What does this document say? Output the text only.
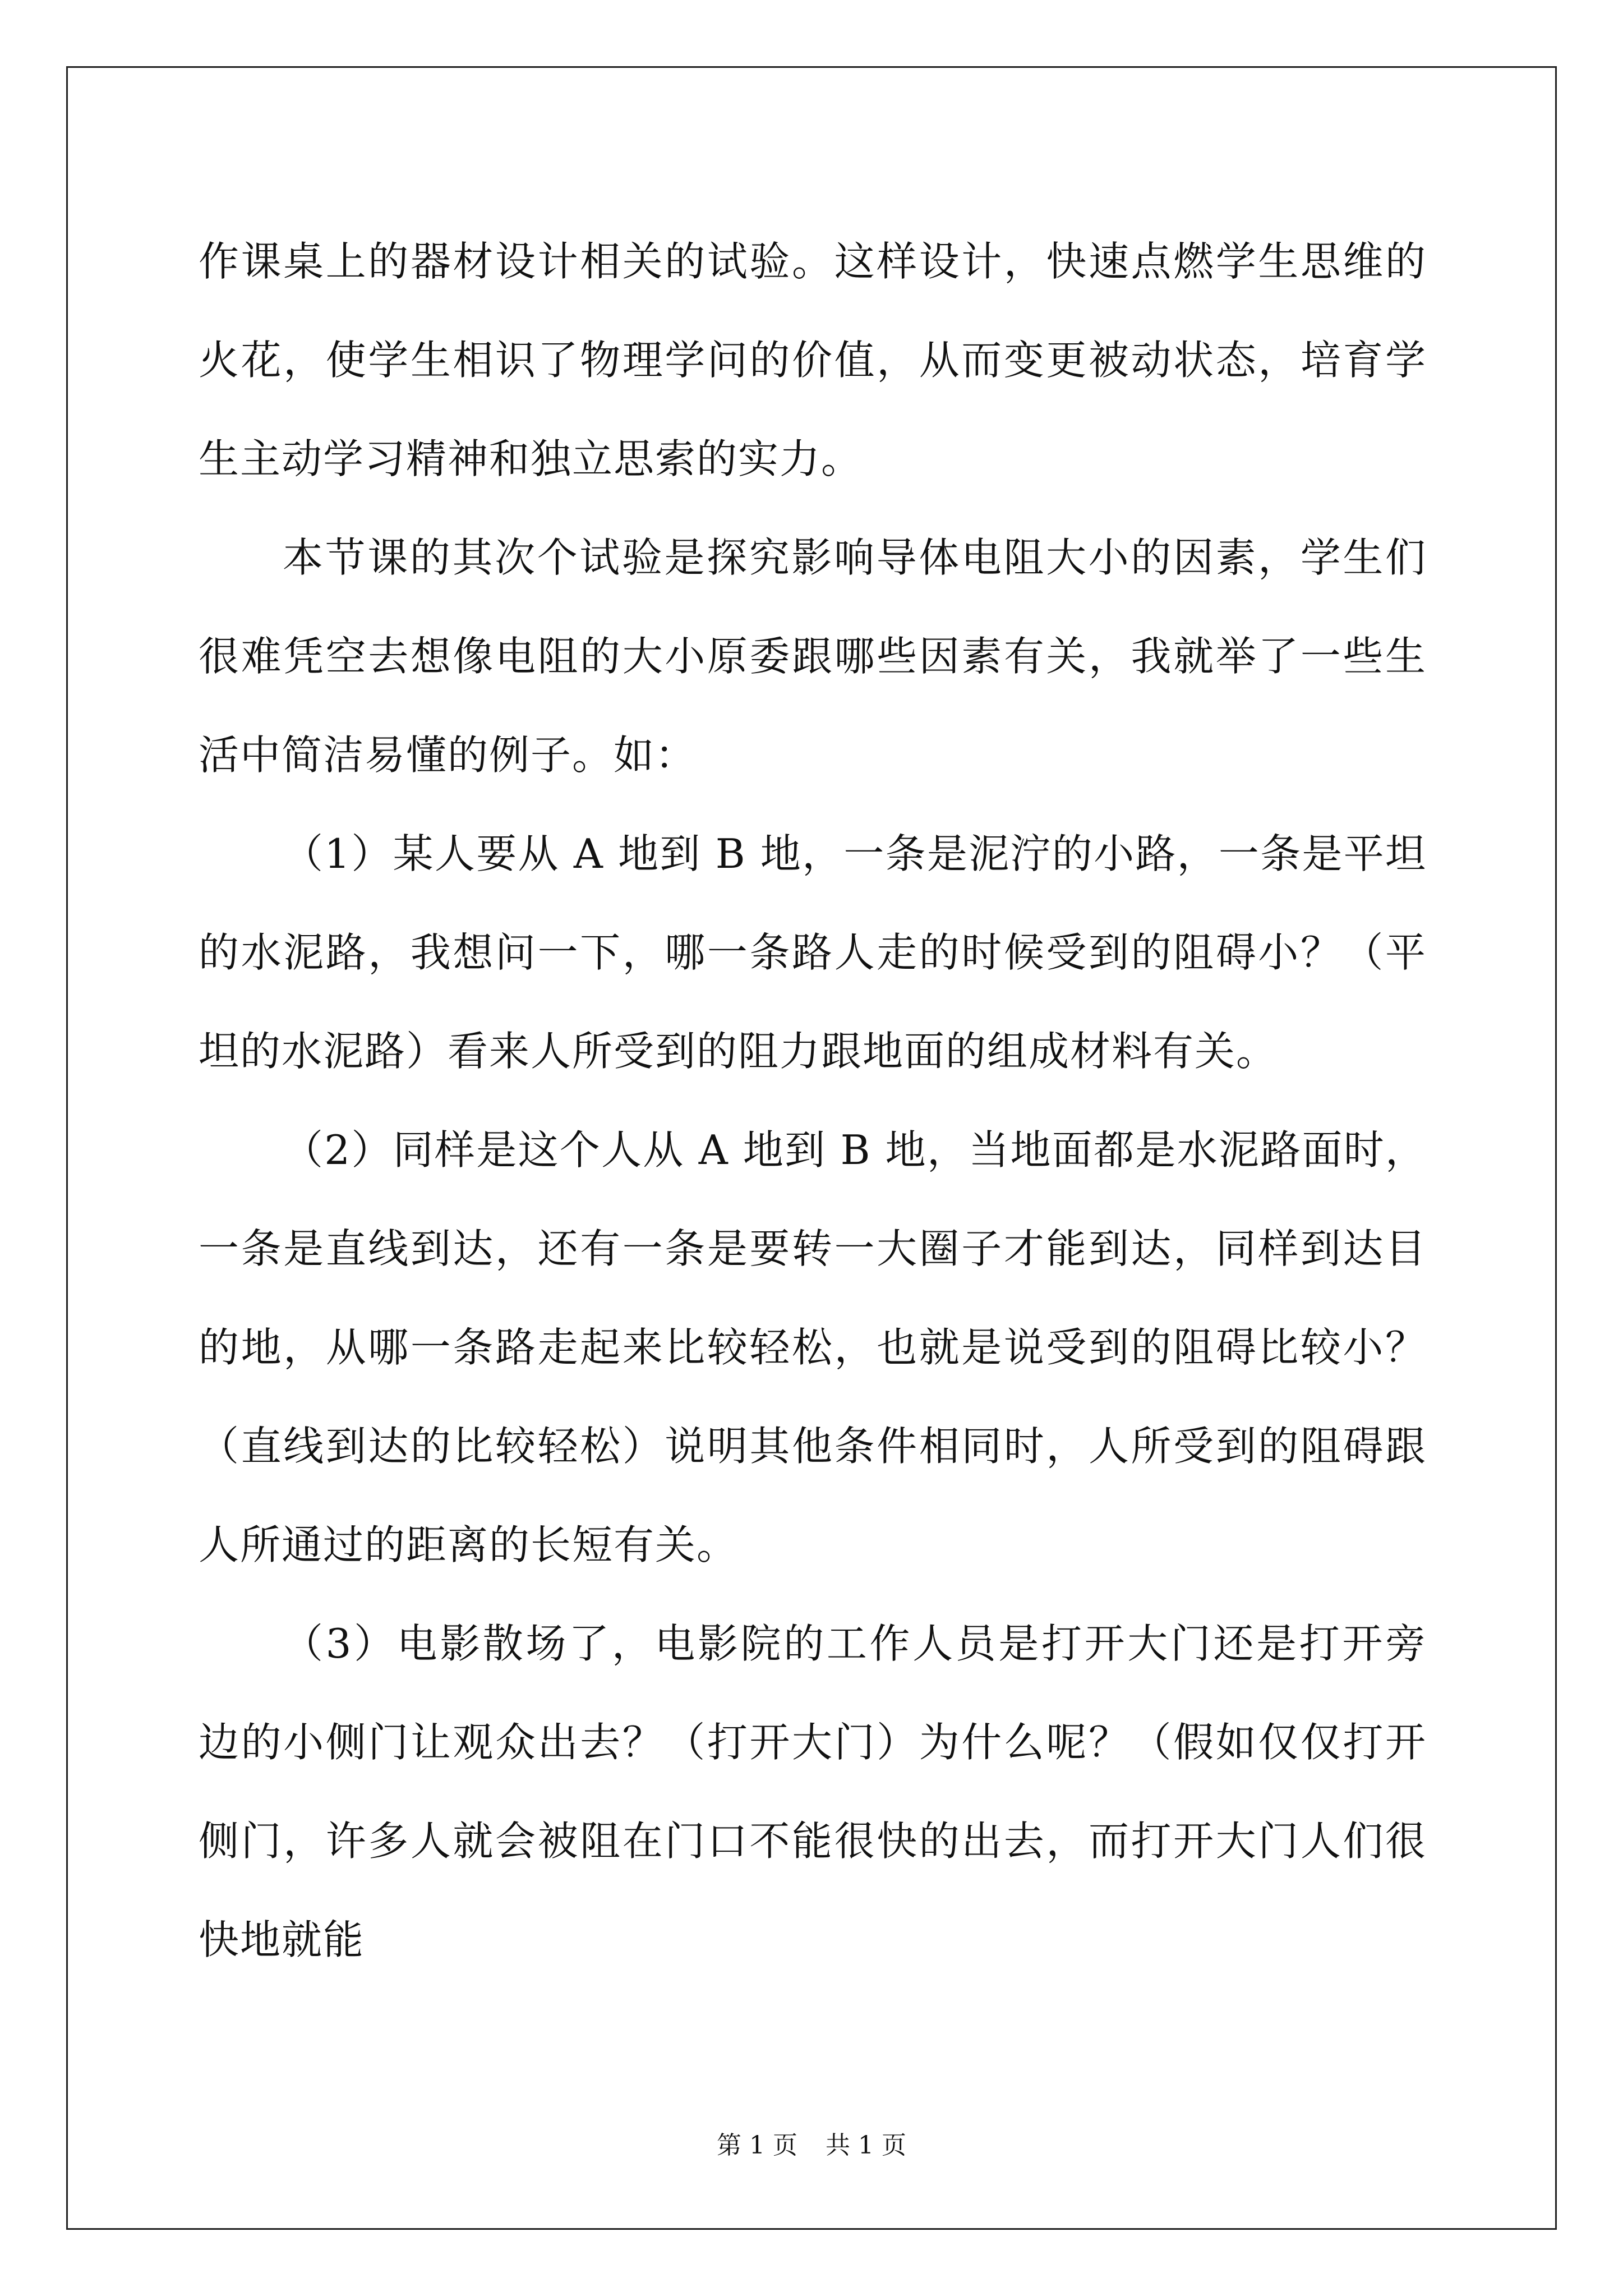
作课桌上的器材设计相关的试验。这样设计，快速点燃学生思维的火花，使学生相识了物理学问的价值，从而变更被动状态，培育学生主动学习精神和独立思索的实力。

本节课的其次个试验是探究影响导体电阻大小的因素，学生们很难凭空去想像电阻的大小原委跟哪些因素有关，我就举了一些生活中简洁易懂的例子。如：

（1）某人要从 A 地到 B 地，一条是泥泞的小路，一条是平坦的水泥路，我想问一下，哪一条路人走的时候受到的阻碍小？（平坦的水泥路）看来人所受到的阻力跟地面的组成材料有关。

（2）同样是这个人从 A 地到 B 地，当地面都是水泥路面时，一条是直线到达，还有一条是要转一大圈子才能到达，同样到达目的地，从哪一条路走起来比较轻松，也就是说受到的阻碍比较小？（直线到达的比较轻松）说明其他条件相同时，人所受到的阻碍跟人所通过的距离的长短有关。

（3）电影散场了，电影院的工作人员是打开大门还是打开旁边的小侧门让观众出去？（打开大门）为什么呢？（假如仅仅打开侧门，许多人就会被阻在门口不能很快的出去，而打开大门人们很快地就能

第 1 页 共 1 页
